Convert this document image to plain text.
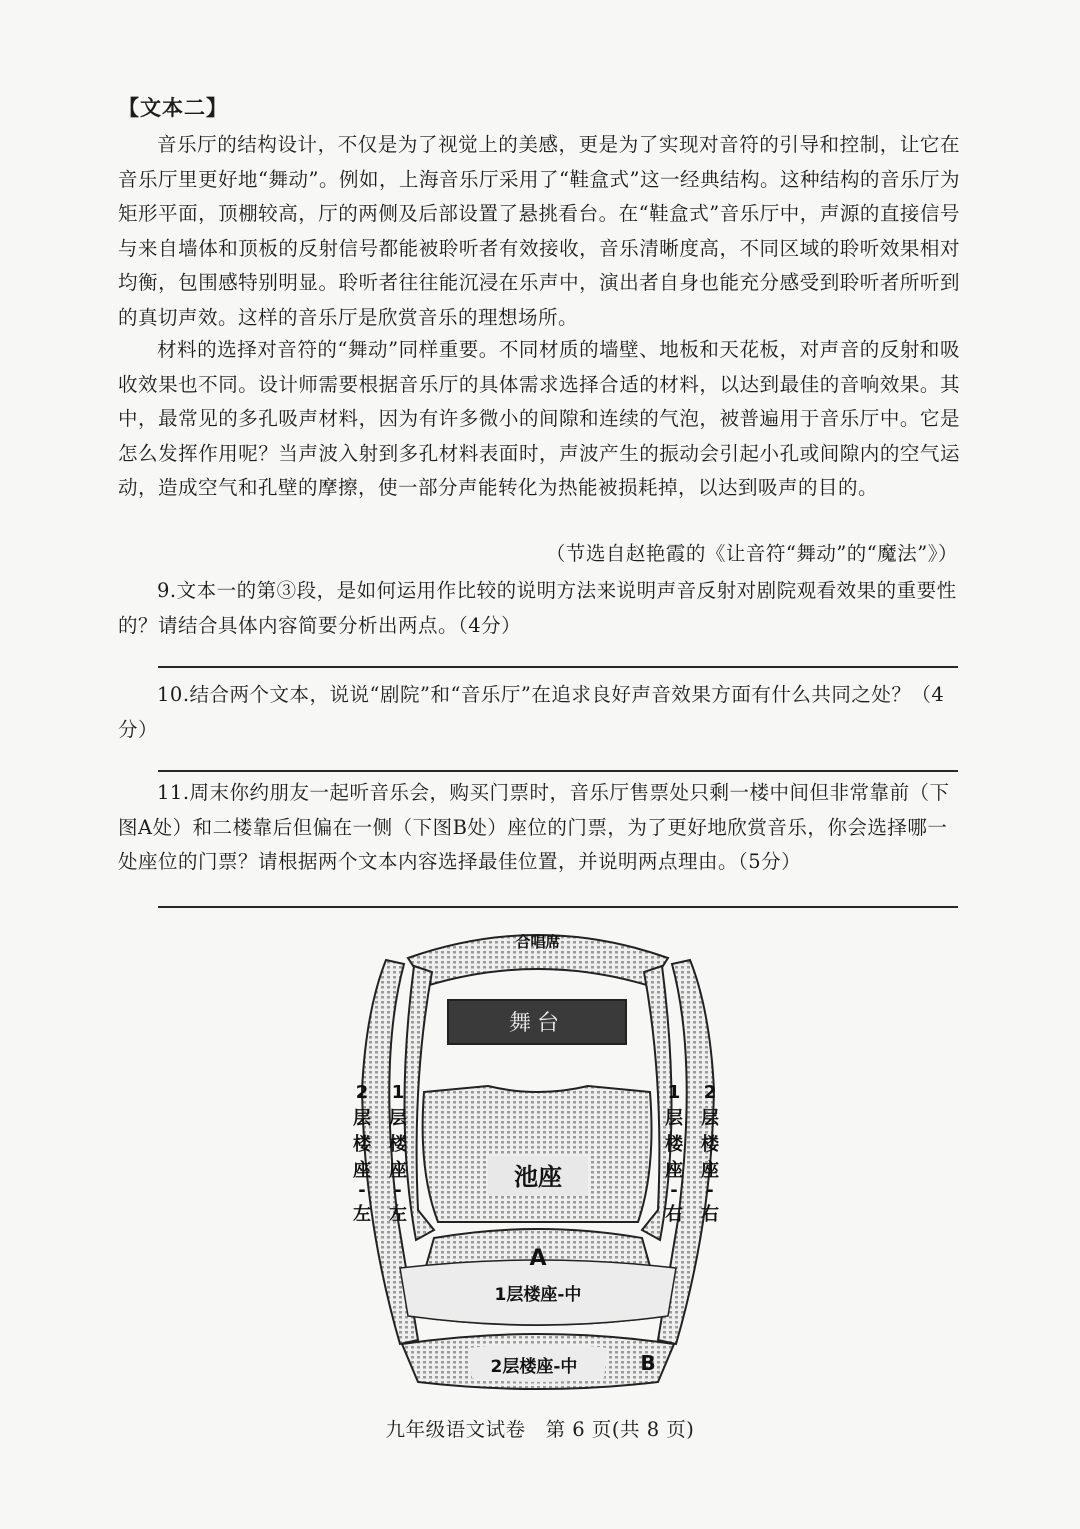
【文本二】

音乐厅的结构设计，不仅是为了视觉上的美感，更是为了实现对音符的引导和控制，让它在音乐厅里更好地“舞动”。例如，上海音乐厅采用了“鞋盒式”这一经典结构。这种结构的音乐厅为矩形平面，顶棚较高，厅的两侧及后部设置了悬挑看台。在“鞋盒式”音乐厅中，声源的直接信号与来自墙体和顶板的反射信号都能被聆听者有效接收，音乐清晰度高，不同区域的聆听效果相对均衡，包围感特别明显。聆听者往往能沉浸在乐声中，演出者自身也能充分感受到聆听者所听到的真切声效。这样的音乐厅是欣赏音乐的理想场所。

材料的选择对音符的“舞动”同样重要。不同材质的墙壁、地板和天花板，对声音的反射和吸收效果也不同。设计师需要根据音乐厅的具体需求选择合适的材料，以达到最佳的音响效果。其中，最常见的多孔吸声材料，因为有许多微小的间隙和连续的气泡，被普遍用于音乐厅中。它是怎么发挥作用呢？当声波入射到多孔材料表面时，声波产生的振动会引起小孔或间隙内的空气运动，造成空气和孔壁的摩擦，使一部分声能转化为热能被损耗掉，以达到吸声的目的。

（节选自赵艳霞的《让音符“舞动”的“魔法”》）

9.文本一的第③段，是如何运用作比较的说明方法来说明声音反射对剧院观看效果的重要性的？请结合具体内容简要分析出两点。（4分）

10.结合两个文本，说说“剧院”和“音乐厅”在追求良好声音效果方面有什么共同之处？（4分）

11.周末你约朋友一起听音乐会，购买门票时，音乐厅售票处只剩一楼中间但非常靠前（下图A处）和二楼靠后但偏在一侧（下图B处）座位的门票，为了更好地欣赏音乐，你会选择哪一处座位的门票？请根据两个文本内容选择最佳位置，并说明两点理由。（5分）

合唱席
舞台
池座
A
1层楼座-中
2层楼座-中	B
2
层
楼
座
-
左
1
层
楼
座
-
左
1
层
楼
座
-
右
2
层
楼
座
-
右
九年级语文试卷　第 6 页(共 8 页)
